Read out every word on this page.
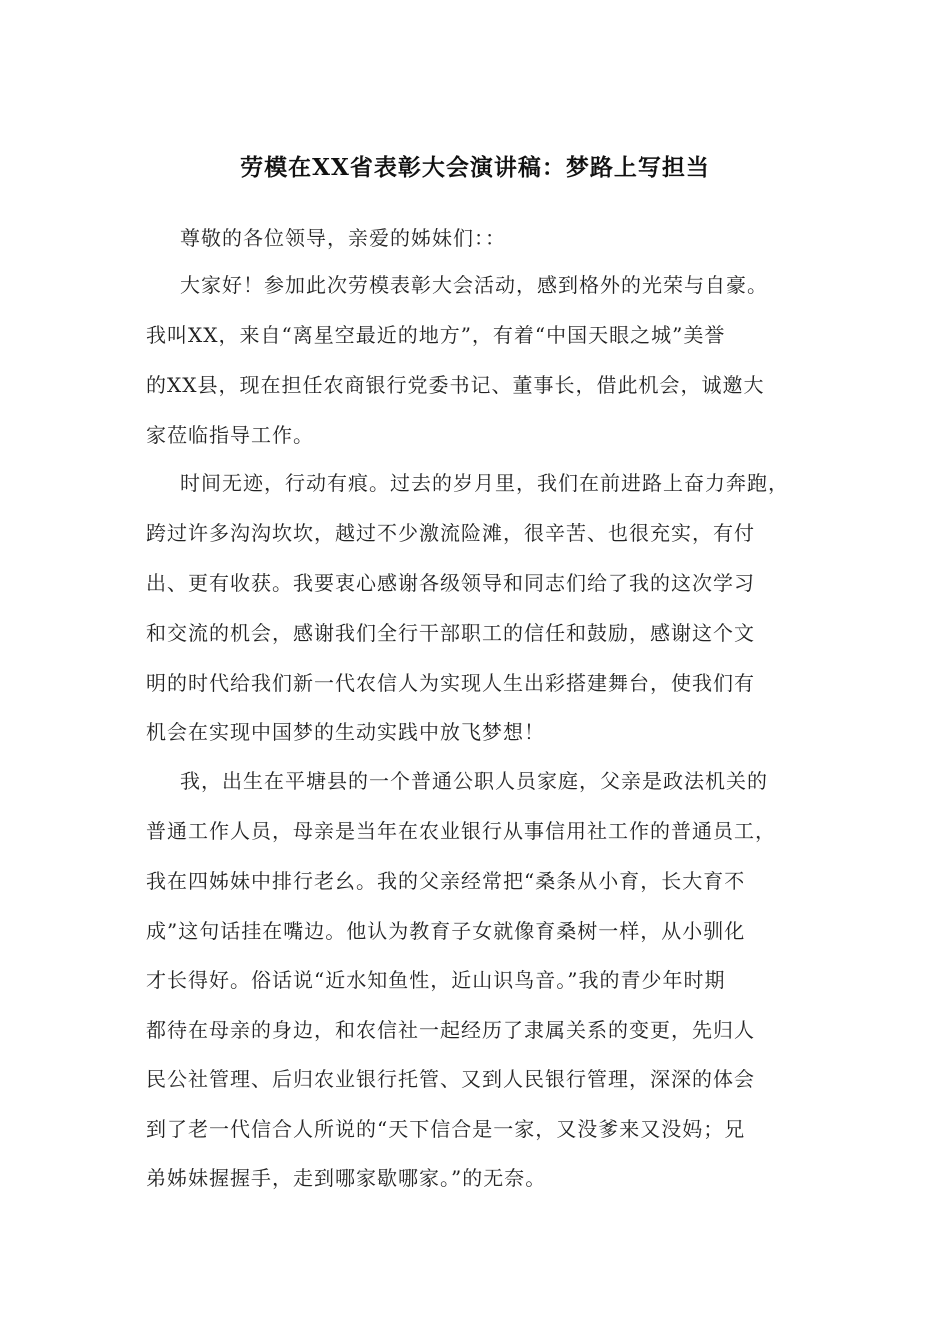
劳模在XX省表彰大会演讲稿：梦路上写担当
尊敬的各位领导，亲爱的姊妹们：：
大家好！参加此次劳模表彰大会活动，感到格外的光荣与自豪。
我叫XX，来自“离星空最近的地方”，有着“中国天眼之城”美誉
的XX县，现在担任农商银行党委书记、董事长，借此机会，诚邀大
家莅临指导工作。
时间无迹，行动有痕。过去的岁月里，我们在前进路上奋力奔跑，
跨过许多沟沟坎坎，越过不少激流险滩，很辛苦、也很充实，有付
出、更有收获。我要衷心感谢各级领导和同志们给了我的这次学习
和交流的机会，感谢我们全行干部职工的信任和鼓励，感谢这个文
明的时代给我们新一代农信人为实现人生出彩搭建舞台，使我们有
机会在实现中国梦的生动实践中放飞梦想！
我，出生在平塘县的一个普通公职人员家庭，父亲是政法机关的
普通工作人员，母亲是当年在农业银行从事信用社工作的普通员工，
我在四姊妹中排行老幺。我的父亲经常把“桑条从小育，长大育不
成”这句话挂在嘴边。他认为教育子女就像育桑树一样，从小驯化
才长得好。俗话说“近水知鱼性，近山识鸟音。”我的青少年时期
都待在母亲的身边，和农信社一起经历了隶属关系的变更，先归人
民公社管理、后归农业银行托管、又到人民银行管理，深深的体会
到了老一代信合人所说的“天下信合是一家，又没爹来又没妈；兄
弟姊妹握握手，走到哪家歇哪家。”的无奈。
